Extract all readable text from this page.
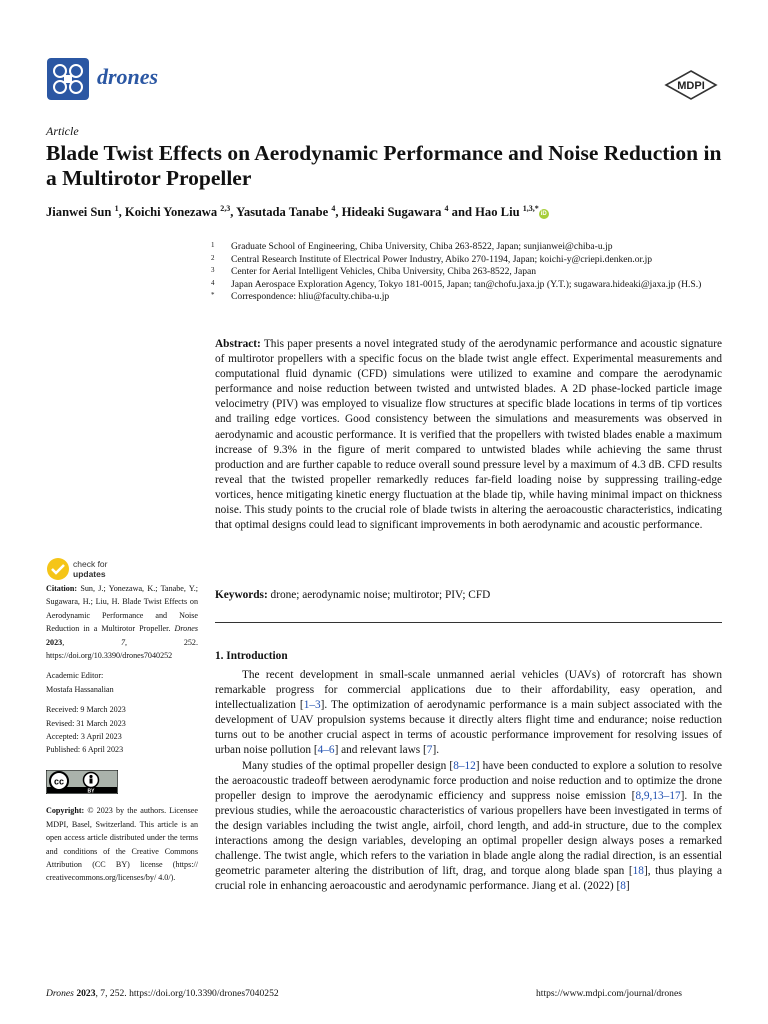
drones	MDPI
Article
Blade Twist Effects on Aerodynamic Performance and Noise Reduction in a Multirotor Propeller
Jianwei Sun $^1$, Koichi Yonezawa $^{2,3}$, Yasutada Tanabe $^4$, Hideaki Sugawara $^4$ and Hao Liu $^{1,3,*}$iD
1	Graduate School of Engineering, Chiba University, Chiba 263-8522, Japan; sunjianwei@chiba-u.jp
2	Central Research Institute of Electrical Power Industry, Abiko 270-1194, Japan; koichi-y@criepi.denken.or.jp
3	Center for Aerial Intelligent Vehicles, Chiba University, Chiba 263-8522, Japan
4	Japan Aerospace Exploration Agency, Tokyo 181-0015, Japan; tan@chofu.jaxa.jp (Y.T.); sugawara.hideaki@jaxa.jp (H.S.)
*	Correspondence: hliu@faculty.chiba-u.jp
Abstract: This paper presents a novel integrated study of the aerodynamic performance and acoustic signature of multirotor propellers with a specific focus on the blade twist angle effect. Experimental measurements and computational fluid dynamic (CFD) simulations were utilized to examine and compare the aerodynamic performance and noise reduction between twisted and untwisted blades. A 2D phase-locked particle image velocimetry (PIV) was employed to visualize flow structures at specific blade locations in terms of tip vortices and trailing edge vortices. Good consistency between the simulations and measurements was observed in aerodynamic and acoustic performance. It is verified that the propellers with twisted blades enable a maximum increase of 9.3% in the figure of merit compared to untwisted blades while achieving the same thrust production and are further capable to reduce overall sound pressure level by a maximum of 4.3 dB. CFD results reveal that the twisted propeller remarkedly reduces far-field loading noise by suppressing trailing-edge vortices, hence mitigating kinetic energy fluctuation at the blade tip, while having minimal impact on thickness noise. This study points to the crucial role of blade twists in altering the aeroacoustic characteristics, indicating that optimal designs could lead to significant improvements in both aerodynamic and acoustic performance.
Keywords: drone; aerodynamic noise; multirotor; PIV; CFD
check for
updates
Citation: Sun, J.; Yonezawa, K.; Tanabe, Y.; Sugawara, H.; Liu, H. Blade Twist Effects on Aerodynamic Performance and Noise Reduction in a Multirotor Propeller. Drones 2023, 7, 252. https://doi.org/10.3390/drones7040252
Academic Editor:
Mostafa Hassanalian
Received: 9 March 2023
Revised: 31 March 2023
Accepted: 3 April 2023
Published: 6 April 2023
cc
BY
Copyright: © 2023 by the authors. Licensee MDPI, Basel, Switzerland. This article is an open access article distributed under the terms and conditions of the Creative Commons Attribution (CC BY) license (https:// creativecommons.org/licenses/by/ 4.0/).
1. Introduction

The recent development in small-scale unmanned aerial vehicles (UAVs) of rotorcraft has shown remarkable progress for commercial applications due to their affordability, easy operation, and intellectualization [1–3]. The optimization of aerodynamic performance is a main subject associated with the development of UAV propulsion systems because it directly alters flight time and endurance; noise reduction turns out to be another crucial aspect in terms of acoustic performance improvement for resolving issues of urban noise pollution [4–6] and relevant laws [7].

Many studies of the optimal propeller design [8–12] have been conducted to explore a solution to resolve the aeroacoustic tradeoff between aerodynamic force production and noise reduction and to optimize the drone propeller design to improve the aerodynamic efficiency and suppress noise emission [8,9,13–17]. In the previous studies, while the aeroacoustic characteristics of various propellers have been investigated in terms of the design variables including the twist angle, airfoil, chord length, and add-in structure, due to the complex interactions among the design variables, developing an optimal propeller design always poses a remarked challenge. The twist angle, which refers to the variation in blade angle along the radial direction, is an essential geometric parameter altering the distribution of lift, drag, and torque along blade span [18], thus playing a crucial role in enhancing aeroacoustic and aerodynamic performance. Jiang et al. (2022) [8]

Drones 2023, 7, 252. https://doi.org/10.3390/drones7040252	https://www.mdpi.com/journal/drones
